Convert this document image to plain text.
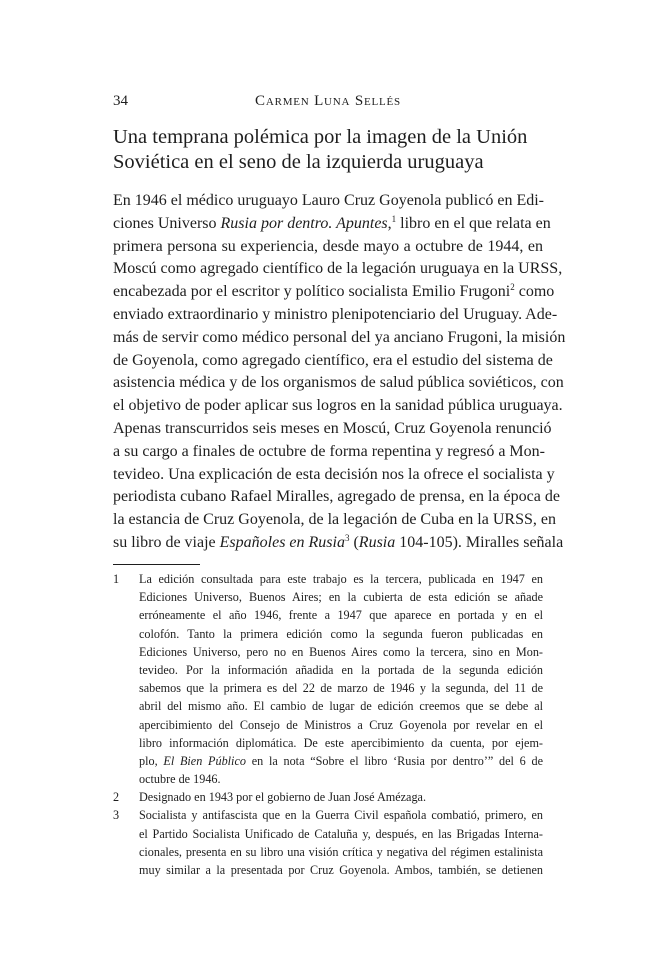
34	Carmen Luna Sellés
Una temprana polémica por la imagen de la Unión
Soviética en el seno de la izquierda uruguaya
En 1946 el médico uruguayo Lauro Cruz Goyenola publicó en Edi-
ciones Universo Rusia por dentro. Apuntes,$^1$ libro en el que relata en
primera persona su experiencia, desde mayo a octubre de 1944, en
Moscú como agregado científico de la legación uruguaya en la URSS,
encabezada por el escritor y político socialista Emilio Frugoni$^2$ como
enviado extraordinario y ministro plenipotenciario del Uruguay. Ade-
más de servir como médico personal del ya anciano Frugoni, la misión
de Goyenola, como agregado científico, era el estudio del sistema de
asistencia médica y de los organismos de salud pública soviéticos, con
el objetivo de poder aplicar sus logros en la sanidad pública uruguaya.
Apenas transcurridos seis meses en Moscú, Cruz Goyenola renunció
a su cargo a finales de octubre de forma repentina y regresó a Mon-
tevideo. Una explicación de esta decisión nos la ofrece el socialista y
periodista cubano Rafael Miralles, agregado de prensa, en la época de
la estancia de Cruz Goyenola, de la legación de Cuba en la URSS, en
su libro de viaje Españoles en Rusia$^3$ (Rusia 104-105). Miralles señala
1 La edición consultada para este trabajo es la tercera, publicada en 1947 en
Ediciones Universo, Buenos Aires; en la cubierta de esta edición se añade
erróneamente el año 1946, frente a 1947 que aparece en portada y en el
colofón. Tanto la primera edición como la segunda fueron publicadas en
Ediciones Universo, pero no en Buenos Aires como la tercera, sino en Mon-
tevideo. Por la información añadida en la portada de la segunda edición
sabemos que la primera es del 22 de marzo de 1946 y la segunda, del 11 de
abril del mismo año. El cambio de lugar de edición creemos que se debe al
apercibimiento del Consejo de Ministros a Cruz Goyenola por revelar en el
libro información diplomática. De este apercibimiento da cuenta, por ejem-
plo, El Bien Público en la nota “Sobre el libro ‘Rusia por dentro’” del 6 de
octubre de 1946.
2 Designado en 1943 por el gobierno de Juan José Amézaga.
3 Socialista y antifascista que en la Guerra Civil española combatió, primero, en
el Partido Socialista Unificado de Cataluña y, después, en las Brigadas Interna-
cionales, presenta en su libro una visión crítica y negativa del régimen estalinista
muy similar a la presentada por Cruz Goyenola. Ambos, también, se detienen
